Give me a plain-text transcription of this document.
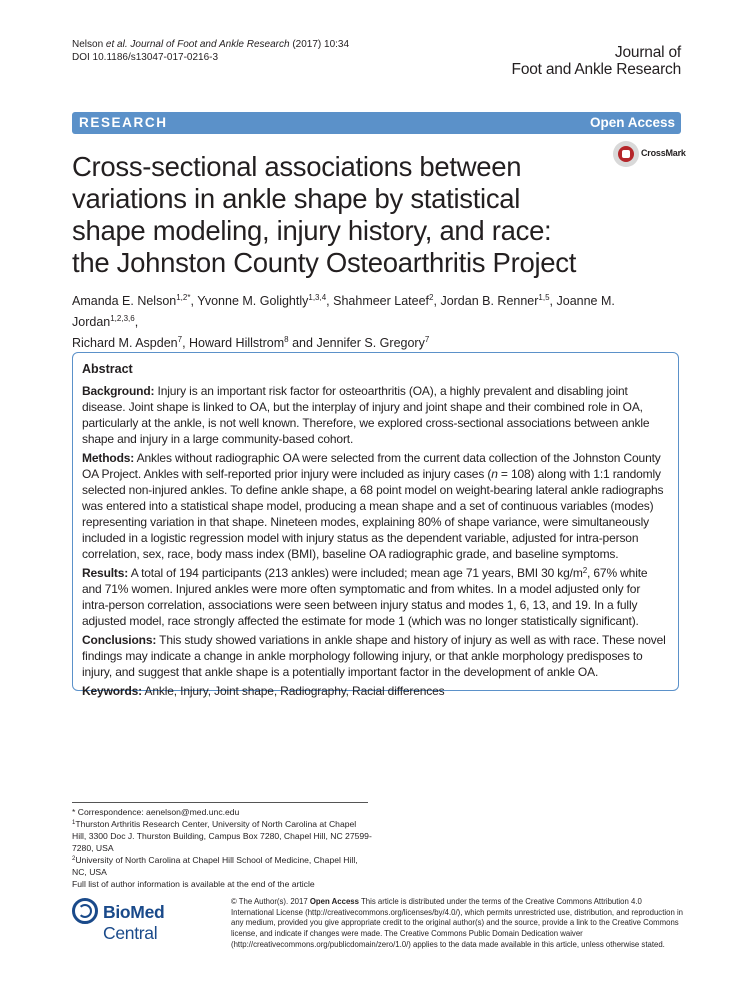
Nelson et al. Journal of Foot and Ankle Research (2017) 10:34
DOI 10.1186/s13047-017-0216-3	Journal of
Foot and Ankle Research
RESEARCH	Open Access
Cross-sectional associations between
variations in ankle shape by statistical
shape modeling, injury history, and race:
the Johnston County Osteoarthritis Project
CrossMark
Amanda E. Nelson$^{1,2*}$, Yvonne M. Golightly$^{1,3,4}$, Shahmeer Lateef$^2$, Jordan B. Renner$^{1,5}$, Joanne M. Jordan$^{1,2,3,6}$,
Richard M. Aspden$^7$, Howard Hillstrom$^8$ and Jennifer S. Gregory$^7$
Abstract
Background: Injury is an important risk factor for osteoarthritis (OA), a highly prevalent and disabling joint disease. Joint shape is linked to OA, but the interplay of injury and joint shape and their combined role in OA, particularly at the ankle, is not well known. Therefore, we explored cross-sectional associations between ankle shape and injury in a large community-based cohort.
Methods: Ankles without radiographic OA were selected from the current data collection of the Johnston County OA Project. Ankles with self-reported prior injury were included as injury cases (n = 108) along with 1:1 randomly selected non-injured ankles. To define ankle shape, a 68 point model on weight-bearing lateral ankle radiographs was entered into a statistical shape model, producing a mean shape and a set of continuous variables (modes) representing variation in that shape. Nineteen modes, explaining 80% of shape variance, were simultaneously included in a logistic regression model with injury status as the dependent variable, adjusted for intra-person correlation, sex, race, body mass index (BMI), baseline OA radiographic grade, and baseline symptoms.
Results: A total of 194 participants (213 ankles) were included; mean age 71 years, BMI 30 $kg/m^2$, 67% white and 71% women. Injured ankles were more often symptomatic and from whites. In a model adjusted only for intra-person correlation, associations were seen between injury status and modes 1, 6, 13, and 19. In a fully adjusted model, race strongly affected the estimate for mode 1 (which was no longer statistically significant).
Conclusions: This study showed variations in ankle shape and history of injury as well as with race. These novel findings may indicate a change in ankle morphology following injury, or that ankle morphology predisposes to injury, and suggest that ankle shape is a potentially important factor in the development of ankle OA.
Keywords: Ankle, Injury, Joint shape, Radiography, Racial differences
* Correspondence: aenelson@med.unc.edu
$^1$Thurston Arthritis Research Center, University of North Carolina at Chapel Hill, 3300 Doc J. Thurston Building, Campus Box 7280, Chapel Hill, NC 27599-7280, USA
$^2$University of North Carolina at Chapel Hill School of Medicine, Chapel Hill, NC, USA
Full list of author information is available at the end of the article
BioMed Central
© The Author(s). 2017 Open Access This article is distributed under the terms of the Creative Commons Attribution 4.0 International License (http://creativecommons.org/licenses/by/4.0/), which permits unrestricted use, distribution, and reproduction in any medium, provided you give appropriate credit to the original author(s) and the source, provide a link to the Creative Commons license, and indicate if changes were made. The Creative Commons Public Domain Dedication waiver (http://creativecommons.org/publicdomain/zero/1.0/) applies to the data made available in this article, unless otherwise stated.
